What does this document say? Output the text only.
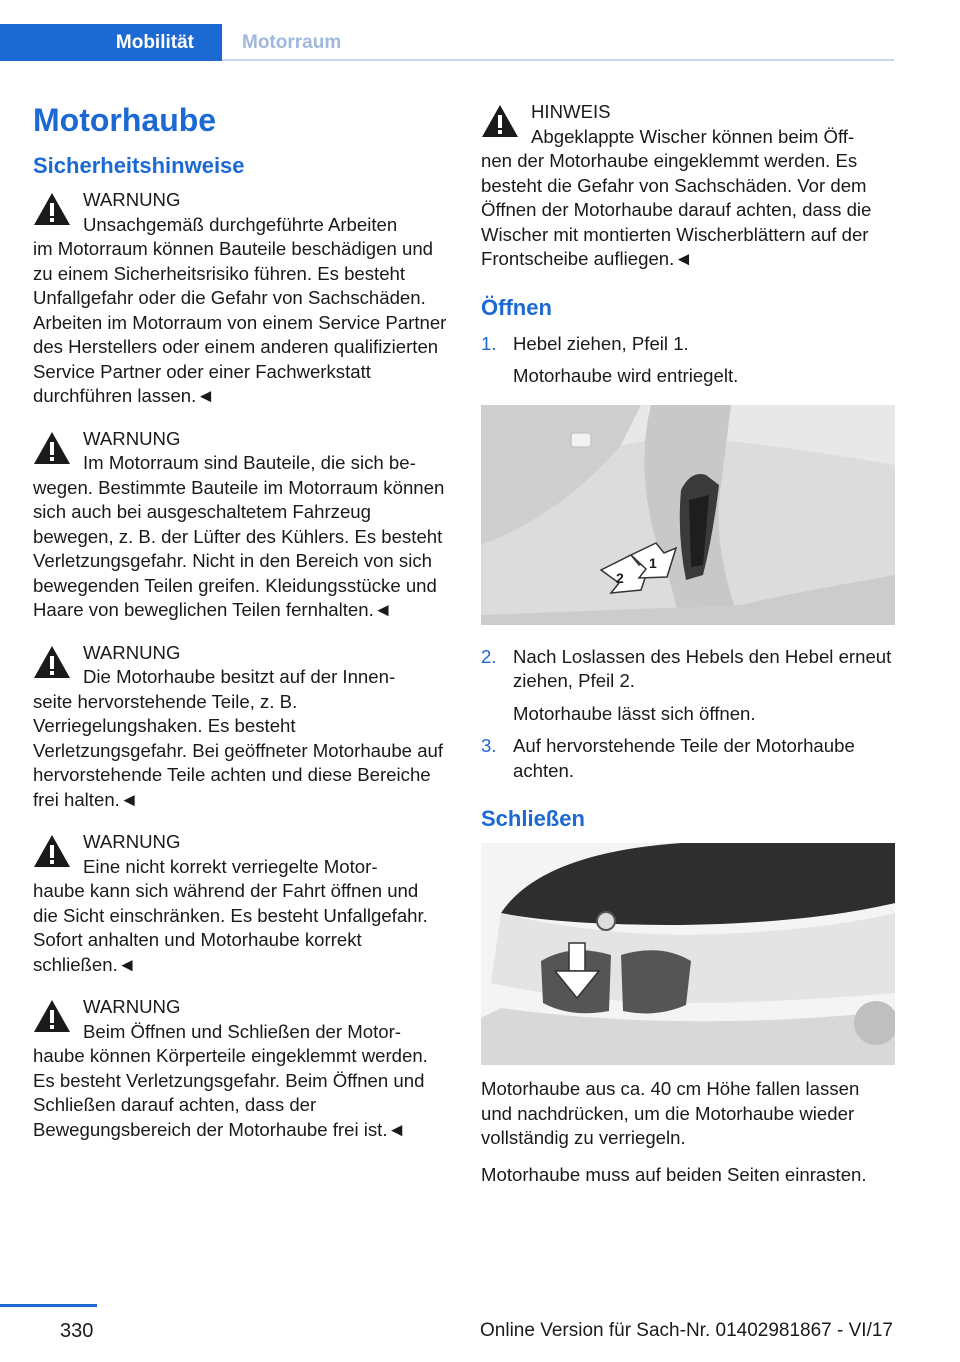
Mobilität	Motorraum
Motorhaube
Sicherheitshinweise
WARNUNG
Unsachgemäß durchgeführte Arbeiten
im Motorraum können Bauteile beschädigen und zu einem Sicherheitsrisiko führen. Es besteht Unfallgefahr oder die Gefahr von Sachschäden. Arbeiten im Motorraum von einem Service Partner des Herstellers oder einem anderen qualifizierten Service Partner oder einer Fachwerkstatt durchführen lassen.◄
WARNUNG
Im Motorraum sind Bauteile, die sich be-
wegen. Bestimmte Bauteile im Motorraum können sich auch bei ausgeschaltetem Fahrzeug bewegen, z. B. der Lüfter des Kühlers. Es besteht Verletzungsgefahr. Nicht in den Bereich von sich bewegenden Teilen greifen. Kleidungsstücke und Haare von beweglichen Teilen fernhalten.◄
WARNUNG
Die Motorhaube besitzt auf der Innen-
seite hervorstehende Teile, z. B. Verriegelungshaken. Es besteht Verletzungsgefahr. Bei geöffneter Motorhaube auf hervorstehende Teile achten und diese Bereiche frei halten.◄
WARNUNG
Eine nicht korrekt verriegelte Motor-
haube kann sich während der Fahrt öffnen und die Sicht einschränken. Es besteht Unfallgefahr. Sofort anhalten und Motorhaube korrekt schließen.◄
WARNUNG
Beim Öffnen und Schließen der Motor-
haube können Körperteile eingeklemmt werden. Es besteht Verletzungsgefahr. Beim Öffnen und Schließen darauf achten, dass der Bewegungsbereich der Motorhaube frei ist.◄
HINWEIS
Abgeklappte Wischer können beim Öff-
nen der Motorhaube eingeklemmt werden. Es besteht die Gefahr von Sachschäden. Vor dem Öffnen der Motorhaube darauf achten, dass die Wischer mit montierten Wischerblättern auf der Frontscheibe aufliegen.◄
Öffnen
1. Hebel ziehen, Pfeil 1.
Motorhaube wird entriegelt.
2
1
2. Nach Loslassen des Hebels den Hebel erneut ziehen, Pfeil 2.
Motorhaube lässt sich öffnen.
3. Auf hervorstehende Teile der Motorhaube achten.
Schließen

Motorhaube aus ca. 40 cm Höhe fallen lassen und nachdrücken, um die Motorhaube wieder vollständig zu verriegeln.

Motorhaube muss auf beiden Seiten einrasten.

330	Online Version für Sach-Nr. 01402981867 - VI/17
